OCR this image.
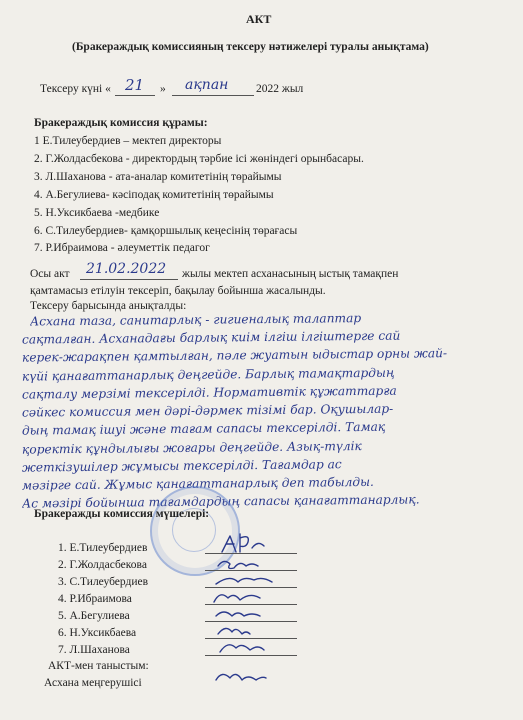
АКТ
(Бракераждық комиссияның тексеру нәтижелері туралы анықтама)
Тексеру күні « 21 » ақпан 2022 жыл
Бракераждық комиссия құрамы:
1 Е.Тилеубердиев – мектеп директоры
2. Г.Жолдасбекова - директордың тәрбие ісі жөніндегі орынбасары.
3. Л.Шаханова - ата-аналар комитетінің төрайымы
4. А.Бегулиева- кәсіподақ комитетінің төрайымы
5. Н.Уксикбаева -медбике
6. С.Тилеубердиев- қамқоршылық кеңесінің төрағасы
7. Р.Ибраимова - әлеуметтік педагог
Осы акт 21.02.2022 жылы мектеп асханасының ыстық тамақпен
қамтамасыз етілуін тексеріп, бақылау бойынша жасалынды.
Тексеру барысында анықталды:
Асхана таза, санитарлық - гигиеналық талаптар
сақталған. Асханадағы барлық киім ілгіш ілгіштерге сай
керек-жарақпен қамтылған, пәле жуатын ыдыстар орны жай-
күйі қанағаттанарлық деңгейде. Барлық тамақтардың
сақталу мерзімі тексерілді. Нормативтік құжаттарға
сәйкес комиссия мен дәрі-дәрмек тізімі бар. Оқушылар-
дың тамақ ішуі және тағам сапасы тексерілді. Тамақ
қоректік құндылығы жоғары деңгейде. Азық-түлік
жеткізушілер жұмысы тексерілді. Тағамдар ас
мәзірге сай. Жұмыс қанағаттанарлық деп табылды.
Ас мәзірі бойынша тағамдардың сапасы қанағаттанарлық.
Бракеражды комиссия мүшелері:
1. Е.Тилеубердиев
2. Г.Жолдасбекова
3. С.Тилеубердиев
4. Р.Ибраимова
5. А.Бегулиева
6. Н.Уксикбаева
7. Л.Шаханова
АКТ-мен таныстым:
Асхана меңгерушісі
